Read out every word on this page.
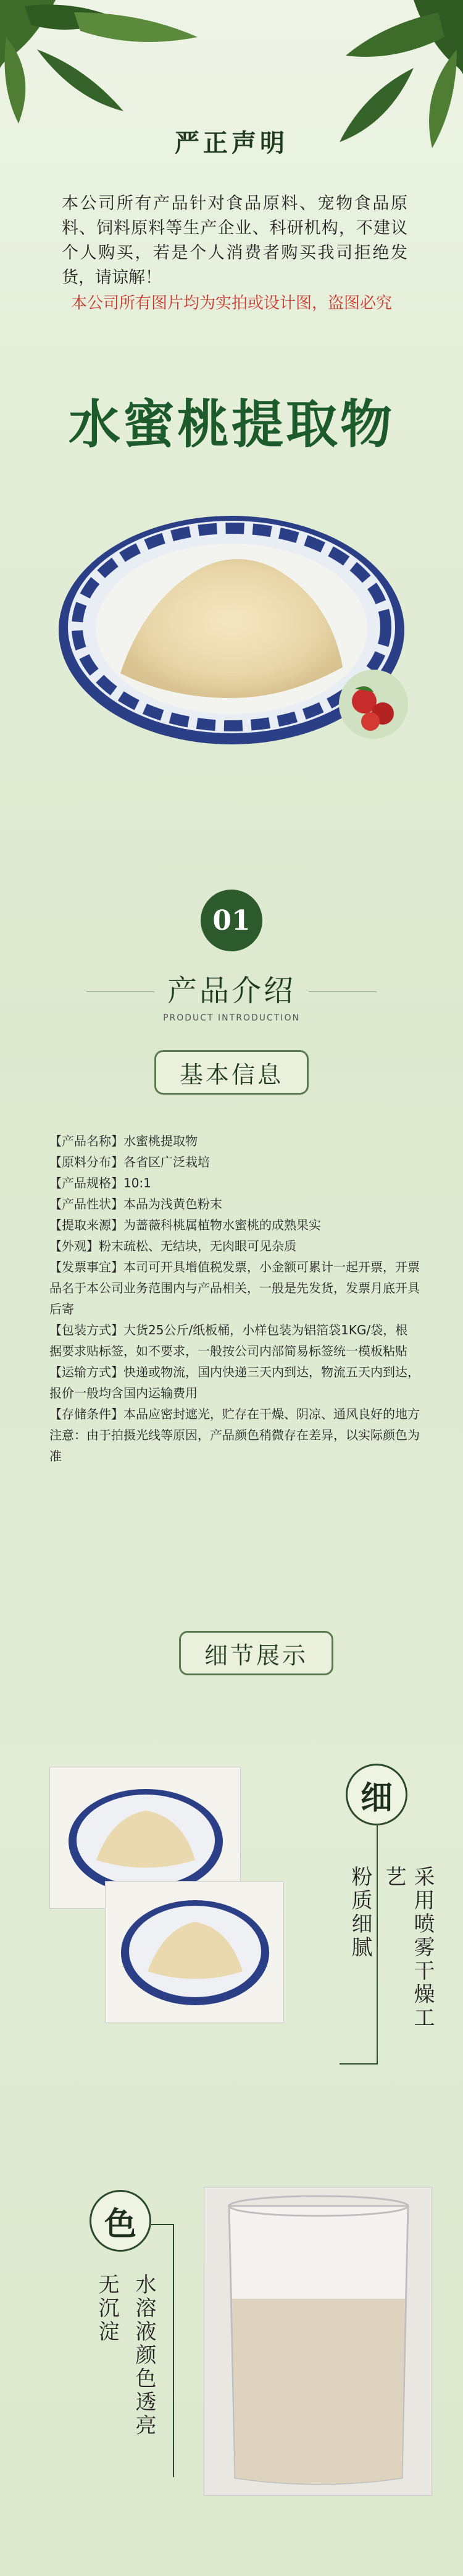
严正声明
本公司所有产品针对食品原料、宠物食品原料、饲料原料等生产企业、科研机构，不建议个人购买，若是个人消费者购买我司拒绝发货，请谅解！
本公司所有图片均为实拍或设计图，盗图必究
水蜜桃提取物
01
产品介绍
PRODUCT INTRODUCTION
基本信息

【产品名称】水蜜桃提取物

【原料分布】各省区广泛栽培

【产品规格】10:1

【产品性状】本品为浅黄色粉末

【提取来源】为蔷薇科桃属植物水蜜桃的成熟果实

【外观】粉末疏松、无结块，无肉眼可见杂质

【发票事宜】本司可开具增值税发票，小金额可累计一起开票，开票品名于本公司业务范围内与产品相关，一般是先发货，发票月底开具后寄

【包装方式】大货25公斤/纸板桶，小样包装为铝箔袋1KG/袋，根据要求贴标签，如不要求，一般按公司内部简易标签统一模板粘贴

【运输方式】快递或物流，国内快递三天内到达，物流五天内到达，报价一般均含国内运输费用

【存储条件】本品应密封遮光，贮存在干燥、阴凉、通风良好的地方

注意：由于拍摄光线等原因，产品颜色稍微存在差异，以实际颜色为准

细节展示
细
采用喷雾干燥工艺
粉质细腻
色
水溶液颜色透亮
无沉淀
